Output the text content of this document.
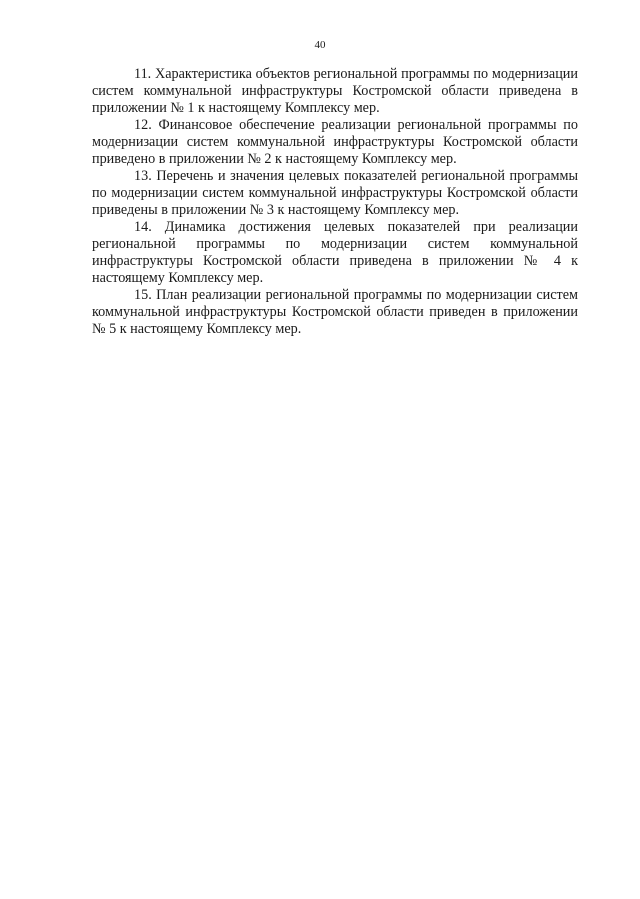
40

11. Характеристика объектов региональной программы по модернизации систем коммунальной инфраструктуры Костромской области приведена в приложении № 1 к настоящему Комплексу мер.

12. Финансовое обеспечение реализации региональной программы по модернизации систем коммунальной инфраструктуры Костромской области приведено в приложении № 2 к настоящему Комплексу мер.

13. Перечень и значения целевых показателей региональной программы по модернизации систем коммунальной инфраструктуры Костромской области приведены в приложении № 3 к настоящему Комплексу мер.

14. Динамика достижения целевых показателей при реализации региональной программы по модернизации систем коммунальной инфраструктуры Костромской области приведена в приложении № 4 к настоящему Комплексу мер.

15. План реализации региональной программы по модернизации систем коммунальной инфраструктуры Костромской области приведен в приложении № 5 к настоящему Комплексу мер.
